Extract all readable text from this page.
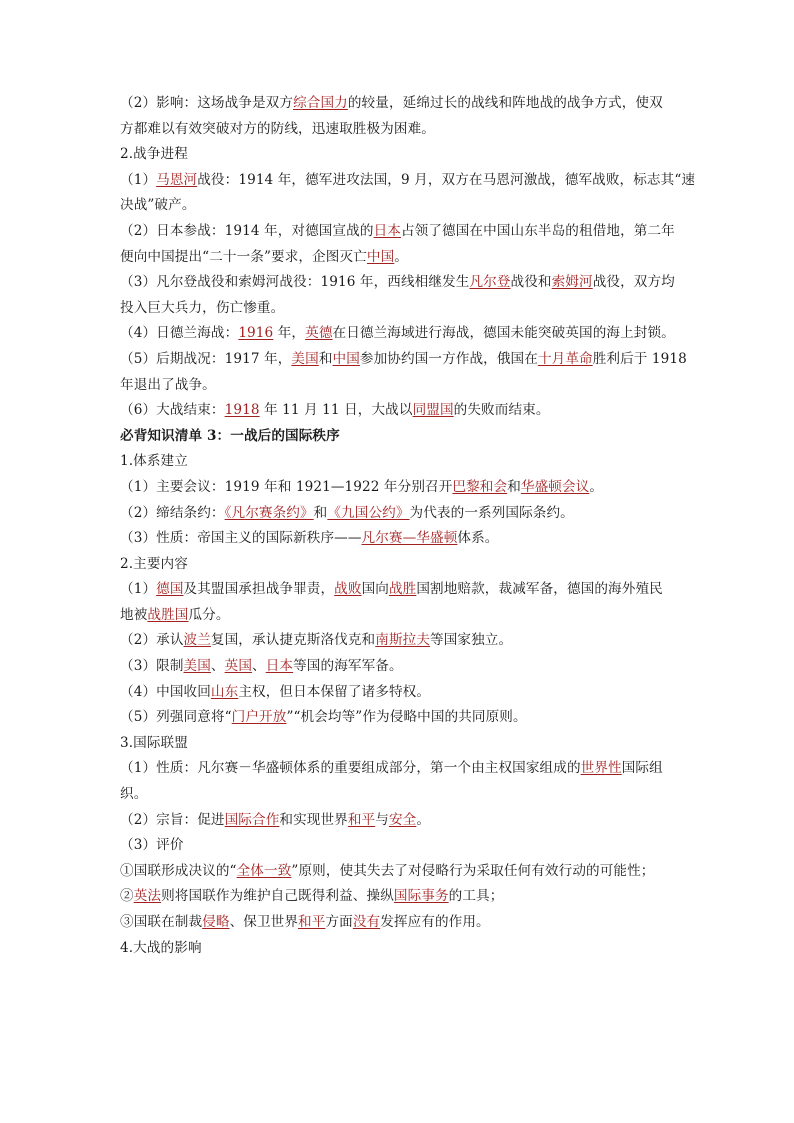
（2）影响：这场战争是双方综合国力的较量，延绵过长的战线和阵地战的战争方式，使双
方都难以有效突破对方的防线，迅速取胜极为困难。
2.战争进程
（1）马恩河战役：1914 年，德军进攻法国，9 月，双方在马恩河激战，德军战败，标志其“速
决战”破产。
（2）日本参战：1914 年，对德国宣战的日本占领了德国在中国山东半岛的租借地，第二年
便向中国提出“二十一条”要求，企图灭亡中国。
（3）凡尔登战役和索姆河战役：1916 年，西线相继发生凡尔登战役和索姆河战役，双方均
投入巨大兵力，伤亡惨重。
（4）日德兰海战：1916 年，英德在日德兰海域进行海战，德国未能突破英国的海上封锁。
（5）后期战况：1917 年，美国和中国参加协约国一方作战，俄国在十月革命胜利后于 1918
年退出了战争。
（6）大战结束：1918 年 11 月 11 日，大战以同盟国的失败而结束。
必背知识清单 3：一战后的国际秩序
1.体系建立
（1）主要会议：1919 年和 1921—1922 年分别召开巴黎和会和华盛顿会议。
（2）缔结条约：《凡尔赛条约》和《九国公约》为代表的一系列国际条约。
（3）性质：帝国主义的国际新秩序——凡尔赛—华盛顿体系。
2.主要内容
（1）德国及其盟国承担战争罪责，战败国向战胜国割地赔款，裁减军备，德国的海外殖民
地被战胜国瓜分。
（2）承认波兰复国，承认捷克斯洛伐克和南斯拉夫等国家独立。
（3）限制美国、英国、日本等国的海军军备。
（4）中国收回山东主权，但日本保留了诸多特权。
（5）列强同意将“门户开放”“机会均等”作为侵略中国的共同原则。
3.国际联盟
（1）性质：凡尔赛－华盛顿体系的重要组成部分，第一个由主权国家组成的世界性国际组
织。
（2）宗旨：促进国际合作和实现世界和平与安全。
（3）评价
①国联形成决议的“全体一致”原则，使其失去了对侵略行为采取任何有效行动的可能性；
②英法则将国联作为维护自己既得利益、操纵国际事务的工具；
③国联在制裁侵略、保卫世界和平方面没有发挥应有的作用。
4.大战的影响
